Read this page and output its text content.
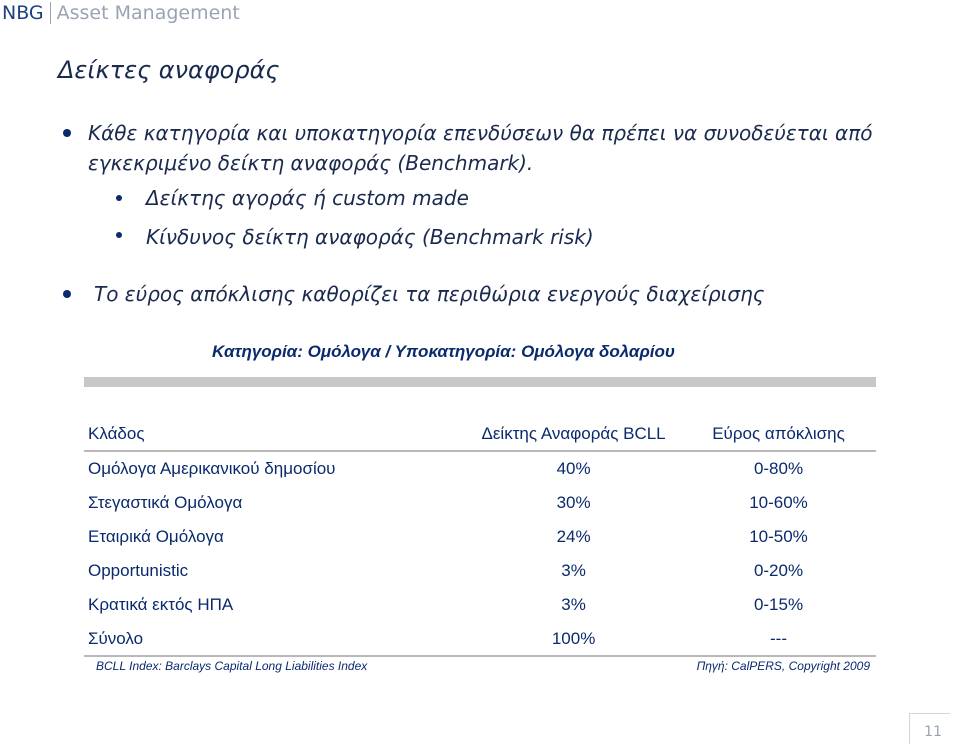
NBG Asset Management
Δείκτες αναφοράς
Κάθε κατηγορία και υποκατηγορία επενδύσεων θα πρέπει να συνοδεύεται από εγκεκριμένο δείκτη αναφοράς (Benchmark).
Δείκτης αγοράς ή custom made
Κίνδυνος δείκτη αναφοράς (Benchmark risk)
Το εύρος απόκλισης καθορίζει τα περιθώρια ενεργούς διαχείρισης
Κατηγορία: Ομόλογα / Υποκατηγορία: Ομόλογα δολαρίου
Κλάδος	Δείκτης Αναφοράς BCLL	Εύρος απόκλισης
Ομόλογα Αμερικανικού δημοσίου	40%	0-80%
Στεγαστικά Ομόλογα	30%	10-60%
Εταιρικά Ομόλογα	24%	10-50%
Opportunistic	3%	0-20%
Κρατικά εκτός ΗΠΑ	3%	0-15%
Σύνολο	100%	---
BCLL Index: Barclays Capital Long Liabilities Index	Πηγή: CalPERS, Copyright 2009
11
